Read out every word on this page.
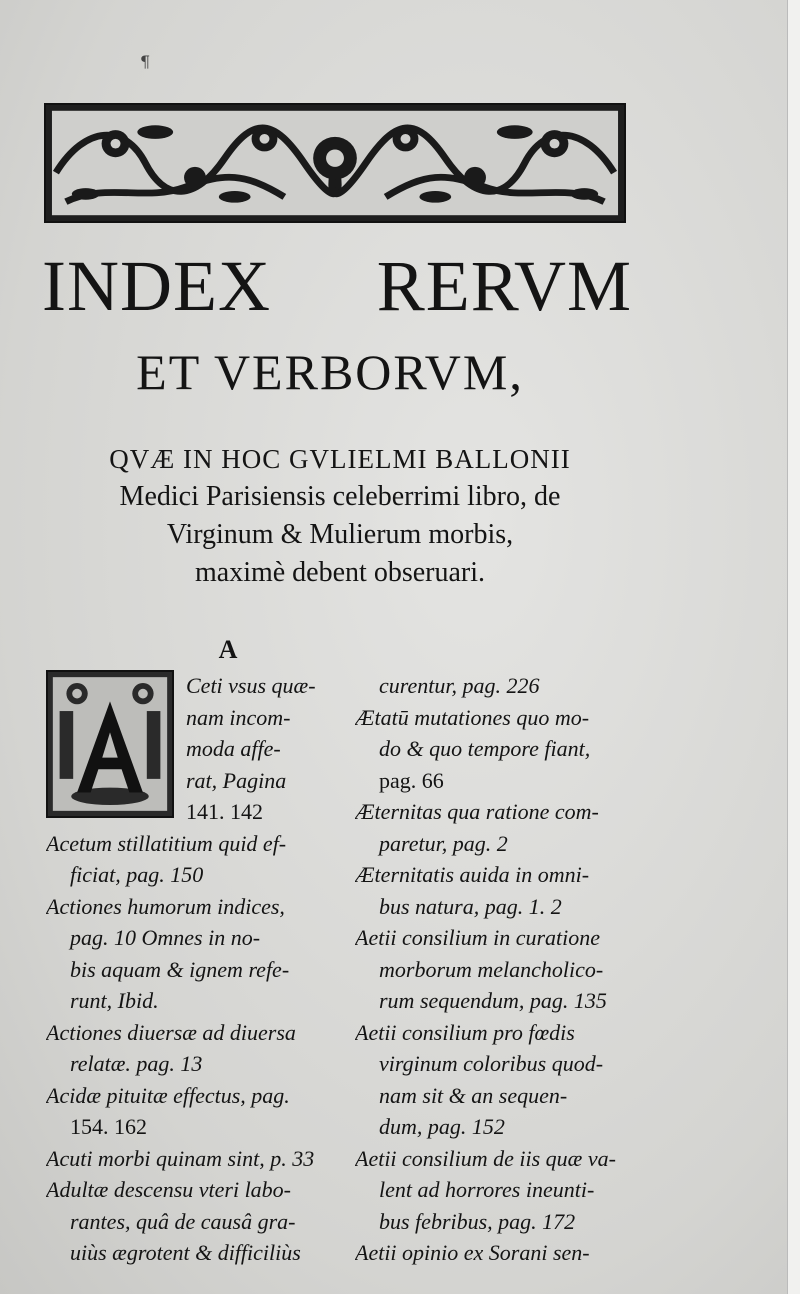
¶
INDEX RERVM
ET VERBORVM,
QVÆ IN HOC GVLIELMI BALLONII
Medici Parisiensis celeberrimi libro, de
Virginum & Mulierum morbis,
maximè debent obseruari.
A
Ceti vsus quæ-
nam incom-
moda affe-
rat, Pagina
141. 142
Acetum stillatitium quid ef-
ficiat, pag. 150
Actiones humorum indices,
pag. 10 Omnes in no-
bis aquam & ignem refe-
runt, Ibid.
Actiones diuersæ ad diuersa
relatæ. pag. 13
Acidæ pituitæ effectus, pag.
154. 162
Acuti morbi quinam sint, p. 33
Adultæ descensu vteri labo-
rantes, quâ de causâ gra-
uiùs ægrotent & difficiliùs
curentur, pag. 226
Ætatū mutationes quo mo-
do & quo tempore fiant,
pag. 66
Æternitas qua ratione com-
paretur, pag. 2
Æternitatis auida in omni-
bus natura, pag. 1. 2
Aetii consilium in curatione
morborum melancholico-
rum sequendum, pag. 135
Aetii consilium pro fœdis
virginum coloribus quod-
nam sit & an sequen-
dum, pag. 152
Aetii consilium de iis quæ va-
lent ad horrores ineunti-
bus febribus, pag. 172
Aetii opinio ex Sorani sen-
